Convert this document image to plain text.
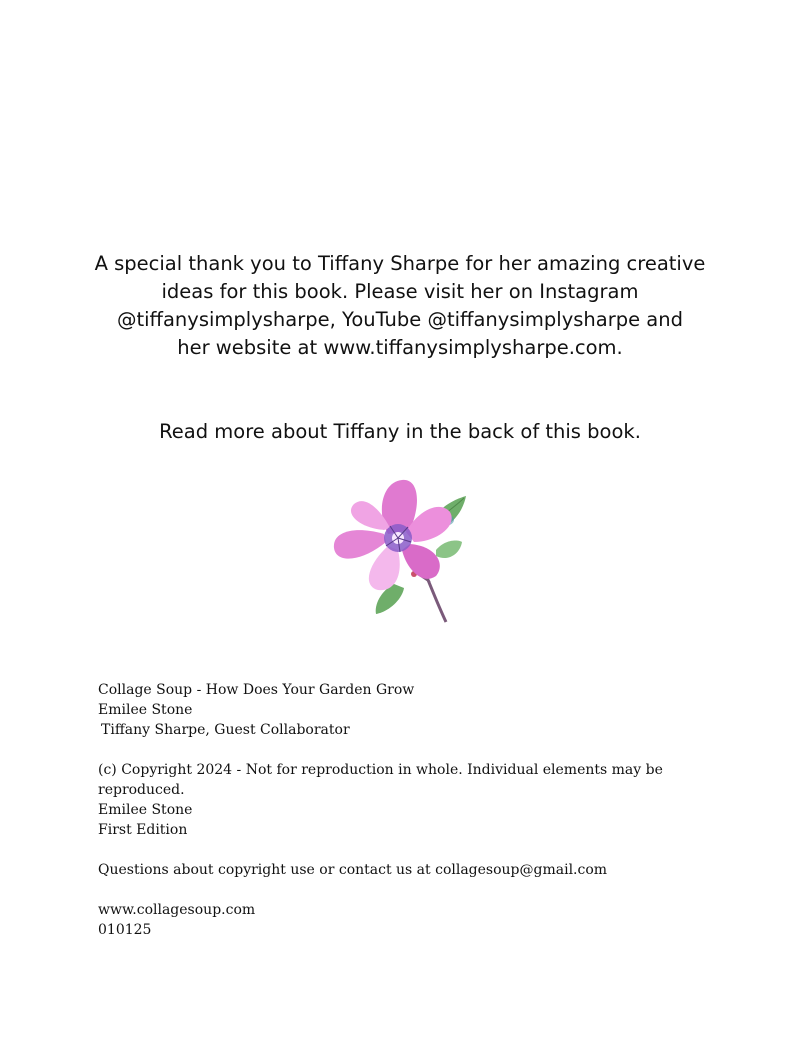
A special thank you to Tiffany Sharpe for her amazing creative
ideas for this book. Please visit her on Instagram
@tiffanysimplysharpe, YouTube @tiffanysimplysharpe and
her website at www.tiffanysimplysharpe.com.

Read more about Tiffany in the back of this book.

Collage Soup - How Does Your Garden Grow
Emilee Stone
Tiffany Sharpe, Guest Collaborator
(c) Copyright 2024 - Not for reproduction in whole. Individual elements may be reproduced.
Emilee Stone
First Edition
Questions about copyright use or contact us at collagesoup@gmail.com
www.collagesoup.com
010125
